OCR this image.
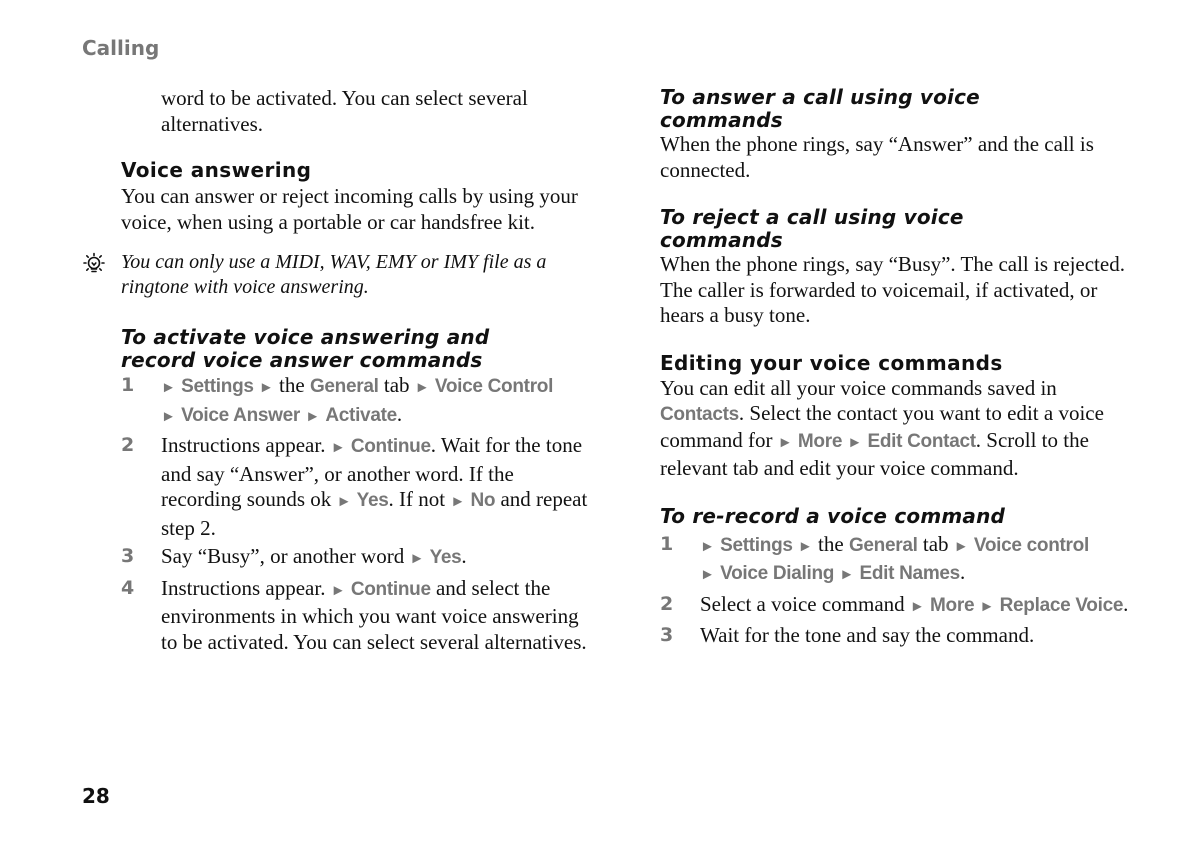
Calling

word to be activated. You can select several
alternatives.

Voice answering

You can answer or reject incoming calls by using your voice, when using a portable or car handsfree kit.

You can only use a MIDI, WAV, EMY or IMY file as a ringtone with voice answering.

To activate voice answering and
record voice answer commands
1 ► Settings ► the General tab ► Voice Control
► Voice Answer ► Activate.
2 Instructions appear. ► Continue. Wait for the tone and say “Answer”, or another word. If the recording sounds ok ► Yes. If not ► No and repeat step 2.
3 Say “Busy”, or another word ► Yes.
4 Instructions appear. ► Continue and select the environments in which you want voice answering to be activated. You can select several alternatives.
To answer a call using voice
commands

When the phone rings, say “Answer” and the call is connected.

To reject a call using voice
commands

When the phone rings, say “Busy”. The call is rejected. The caller is forwarded to voicemail, if activated, or hears a busy tone.

Editing your voice commands

You can edit all your voice commands saved in Contacts. Select the contact you want to edit a voice command for ► More ► Edit Contact. Scroll to the relevant tab and edit your voice command.

To re-record a voice command
1 ► Settings ► the General tab ► Voice control
► Voice Dialing ► Edit Names.
2 Select a voice command ► More ► Replace Voice.
3 Wait for the tone and say the command.
28
